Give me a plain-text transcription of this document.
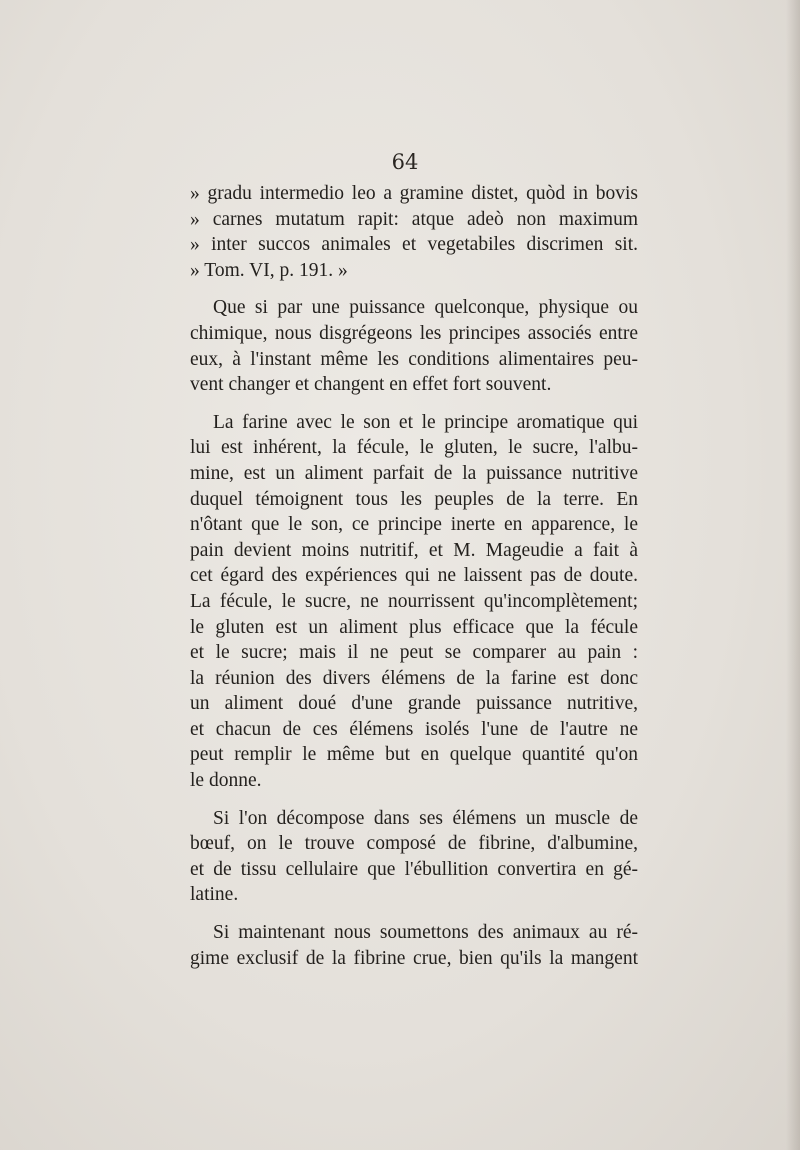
64
» gradu intermedio leo a gramine distet, quòd in bovis
» carnes mutatum rapit: atque adeò non maximum
» inter succos animales et vegetabiles discrimen sit.
» Tom. VI, p. 191. »
Que si par une puissance quelconque, physique ou
chimique, nous disgrégeons les principes associés entre
eux, à l'instant même les conditions alimentaires peu-
vent changer et changent en effet fort souvent.
La farine avec le son et le principe aromatique qui
lui est inhérent, la fécule, le gluten, le sucre, l'albu-
mine, est un aliment parfait de la puissance nutritive
duquel témoignent tous les peuples de la terre. En
n'ôtant que le son, ce principe inerte en apparence, le
pain devient moins nutritif, et M. Mageudie a fait à
cet égard des expériences qui ne laissent pas de doute.
La fécule, le sucre, ne nourrissent qu'incomplètement;
le gluten est un aliment plus efficace que la fécule
et le sucre; mais il ne peut se comparer au pain :
la réunion des divers élémens de la farine est donc
un aliment doué d'une grande puissance nutritive,
et chacun de ces élémens isolés l'une de l'autre ne
peut remplir le même but en quelque quantité qu'on
le donne.
Si l'on décompose dans ses élémens un muscle de
bœuf, on le trouve composé de fibrine, d'albumine,
et de tissu cellulaire que l'ébullition convertira en gé-
latine.
Si maintenant nous soumettons des animaux au ré-
gime exclusif de la fibrine crue, bien qu'ils la mangent
